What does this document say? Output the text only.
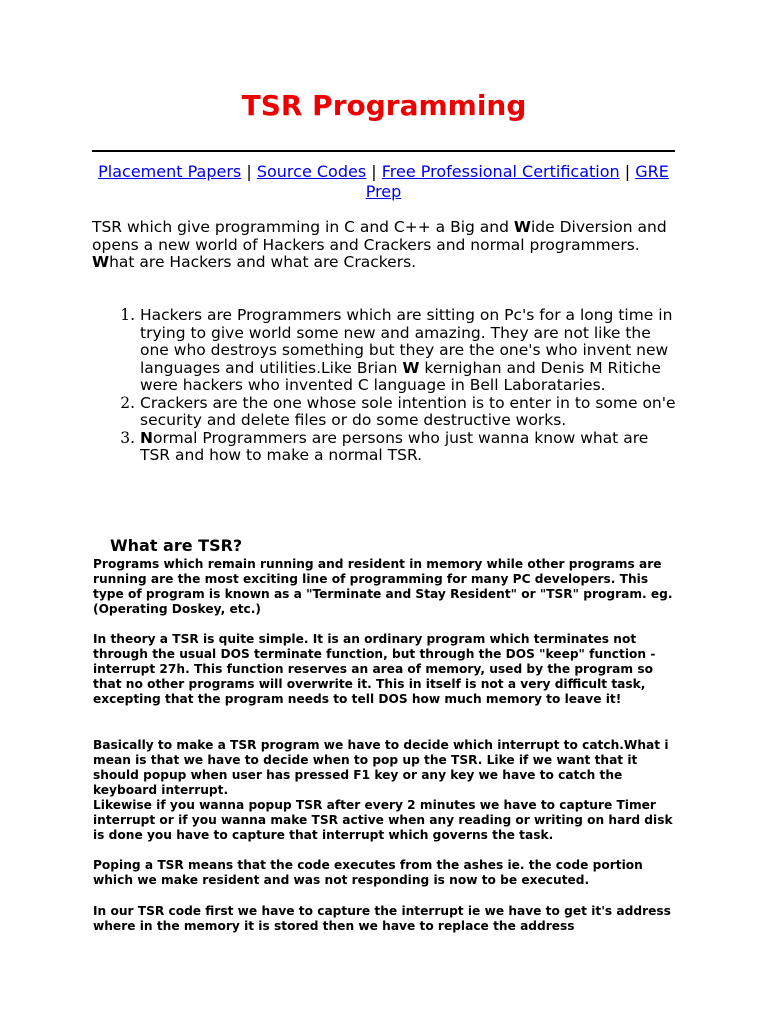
TSR Programming
Placement Papers | Source Codes | Free Professional Certification | GRE Prep

TSR which give programming in C and C++ a Big and Wide Diversion and opens a new world of Hackers and Crackers and normal programmers.
What are Hackers and what are Crackers.

1. Hackers are Programmers which are sitting on Pc's for a long time in trying to give world some new and amazing. They are not like the one who destroys something but they are the one's who invent new languages and utilities.Like Brian W kernighan and Denis M Ritiche were hackers who invented C language in Bell Laborataries.
2. Crackers are the one whose sole intention is to enter in to some on'e security and delete files or do some destructive works.
3. Normal Programmers are persons who just wanna know what are TSR and how to make a normal TSR.
What are TSR?

Programs which remain running and resident in memory while other programs are running are the most exciting line of programming for many PC developers. This type of program is known as a "Terminate and Stay Resident" or "TSR" program. eg.(Operating Doskey, etc.)

In theory a TSR is quite simple. It is an ordinary program which terminates not through the usual DOS terminate function, but through the DOS "keep" function - interrupt 27h. This function reserves an area of memory, used by the program so that no other programs will overwrite it. This in itself is not a very difficult task, excepting that the program needs to tell DOS how much memory to leave it!

Basically to make a TSR program we have to decide which interrupt to catch.What i mean is that we have to decide when to pop up the TSR. Like if we want that it should popup when user has pressed F1 key or any key we have to catch the keyboard interrupt.

Likewise if you wanna popup TSR after every 2 minutes we have to capture Timer interrupt or if you wanna make TSR active when any reading or writing on hard disk is done you have to capture that interrupt which governs the task.

Poping a TSR means that the code executes from the ashes ie. the code portion which we make resident and was not responding is now to be executed.

In our TSR code first we have to capture the interrupt ie we have to get it's address where in the memory it is stored then we have to replace the address
